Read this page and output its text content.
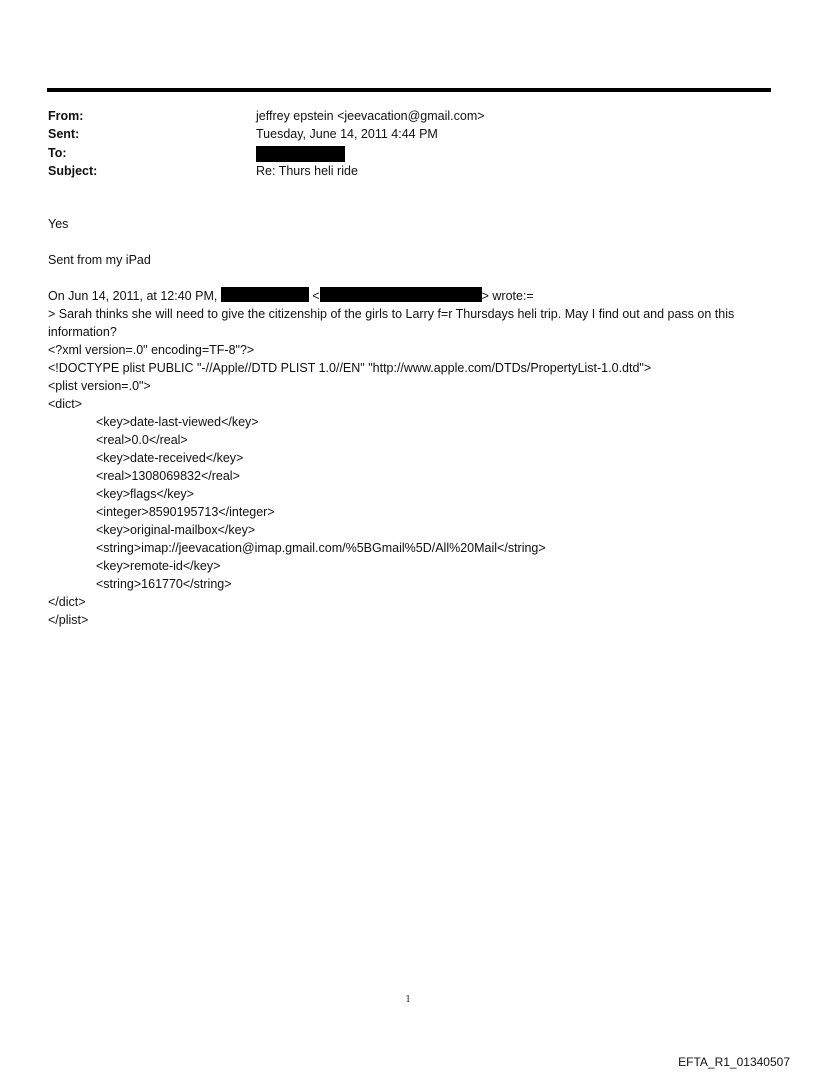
From:	jeffrey epstein <jeevacation@gmail.com>
Sent:	Tuesday, June 14, 2011 4:44 PM
To:
Subject:	Re: Thurs heli ride

Yes

Sent from my iPad

On Jun 14, 2011, at 12:40 PM,	<	> wrote:=

> Sarah thinks she will need to give the citizenship of the girls to Larry f=r Thursdays heli trip. May I find out and pass on this information?

<?xml version=.0" encoding=TF-8"?>
<!DOCTYPE plist PUBLIC "-//Apple//DTD PLIST 1.0//EN" "http://www.apple.com/DTDs/PropertyList-1.0.dtd">
<plist version=.0">
<dict>
<key>date-last-viewed</key>
<real>0.0</real>
<key>date-received</key>
<real>1308069832</real>
<key>flags</key>
<integer>8590195713</integer>
<key>original-mailbox</key>
<string>imap://jeevacation@imap.gmail.com/%5BGmail%5D/All%20Mail</string>
<key>remote-id</key>
<string>161770</string>
</dict>
</plist>
1
EFTA_R1_01340507
